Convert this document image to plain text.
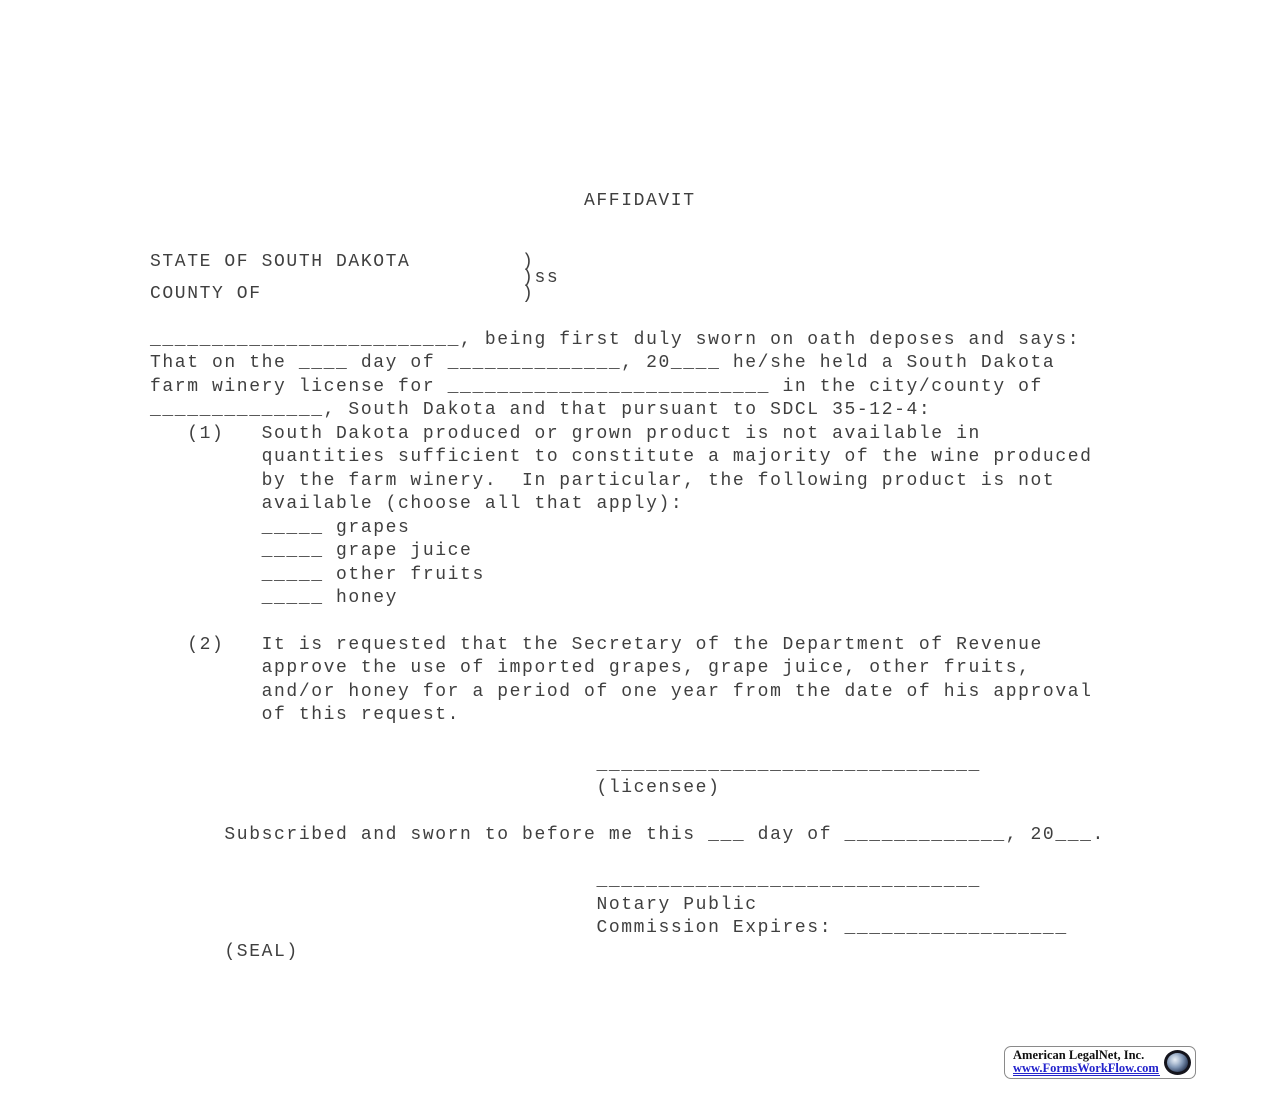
AFFIDAVIT
STATE OF SOUTH DAKOTA         )
)ss
COUNTY OF                     )
_________________________, being first duly sworn on oath deposes and says:
That on the ____ day of ______________, 20____ he/she held a South Dakota
farm winery license for __________________________ in the city/county of
______________, South Dakota and that pursuant to SDCL 35-12-4:
(1)   South Dakota produced or grown product is not available in
quantities sufficient to constitute a majority of the wine produced
by the farm winery.  In particular, the following product is not
available (choose all that apply):
_____ grapes
_____ grape juice
_____ other fruits
_____ honey
(2)   It is requested that the Secretary of the Department of Revenue
approve the use of imported grapes, grape juice, other fruits,
and/or honey for a period of one year from the date of his approval
of this request.
_______________________________
(licensee)
Subscribed and sworn to before me this ___ day of _____________, 20___.
_______________________________
Notary Public
Commission Expires: __________________
(SEAL)
American LegalNet, Inc.
www.FormsWorkFlow.com
